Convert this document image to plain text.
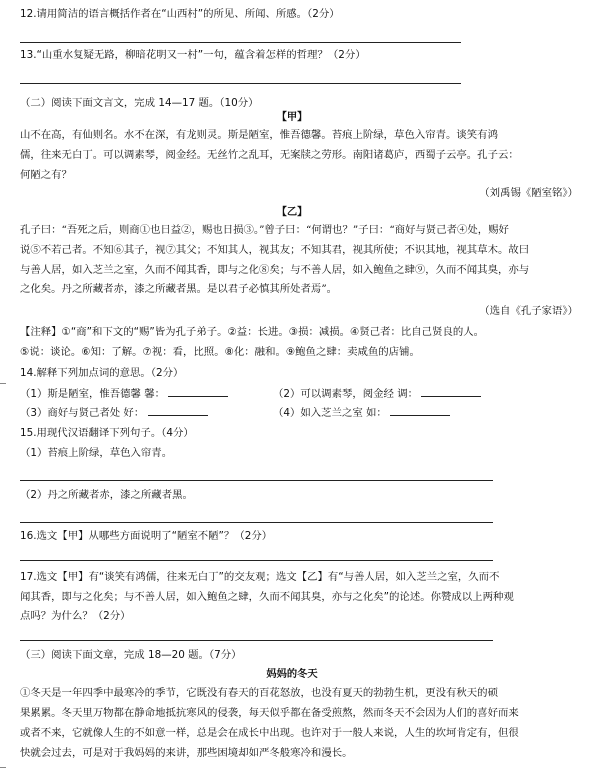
12.请用简洁的语言概括作者在“山西村”的所见、所闻、所感。（2分）
13.“山重水复疑无路，柳暗花明又一村”一句，蕴含着怎样的哲理？（2分）
（二）阅读下面文言文，完成 14—17 题。（10分）
【甲】
山不在高，有仙则名。水不在深，有龙则灵。斯是陋室，惟吾德馨。苔痕上阶绿，草色入帘青。谈笑有鸿
儒，往来无白丁。可以调素琴，阅金经。无丝竹之乱耳，无案牍之劳形。南阳诸葛庐，西蜀子云亭。孔子云：
何陋之有？
（刘禹锡《陋室铭》）
【乙】
孔子曰：“吾死之后，则商①也日益②，赐也日损③。”曾子曰：“何谓也？”子曰：“商好与贤己者④处，赐好
说⑤不若己者。不知⑥其子，视⑦其父；不知其人，视其友；不知其君，视其所使；不识其地，视其草木。故曰
与善人居，如入芝兰之室，久而不闻其香，即与之化⑧矣；与不善人居，如入鲍鱼之肆⑨，久而不闻其臭，亦与
之化矣。丹之所藏者赤，漆之所藏者黑。是以君子必慎其所处者焉”。
（选自《孔子家语》）
【注释】①“商”和下文的“赐”皆为孔子弟子。②益：长进。③损：减损。④贤己者：比自己贤良的人。
⑤说：谈论。⑥知：了解。⑦视：看，比照。⑧化：融和。⑨鲍鱼之肆：卖咸鱼的店铺。
14.解释下列加点词的意思。（2分）
（1）斯是陋室，惟吾德馨 馨：	（2）可以调素琴，阅金经 调：
（3）商好与贤己者处 好：	（4）如入芝兰之室 如：
15.用现代汉语翻译下列句子。（4分）
（1）苔痕上阶绿，草色入帘青。
（2）丹之所藏者赤，漆之所藏者黑。
16.选文【甲】从哪些方面说明了“陋室不陋”？（2分）
17.选文【甲】有“谈笑有鸿儒，往来无白丁”的交友观；选文【乙】有“与善人居，如入芝兰之室，久而不
闻其香，即与之化矣；与不善人居，如入鲍鱼之肆，久而不闻其臭，亦与之化矣”的论述。你赞成以上两种观
点吗？为什么？（2分）
（三）阅读下面文章，完成 18—20 题。（7分）
妈妈的冬天
①冬天是一年四季中最寒冷的季节，它既没有春天的百花怒放，也没有夏天的勃勃生机，更没有秋天的硕
果累累。冬天里万物都在静命地抵抗寒风的侵袭，每天似乎都在备受煎熬，然而冬天不会因为人们的喜好而来
或者不来，它就像人生的不如意一样，总是会在成长中出现。也许对于一般人来说，人生的坎坷肯定有，但很
快就会过去，可是对于我妈妈的来讲，那些困境却如严冬般寒冷和漫长。
